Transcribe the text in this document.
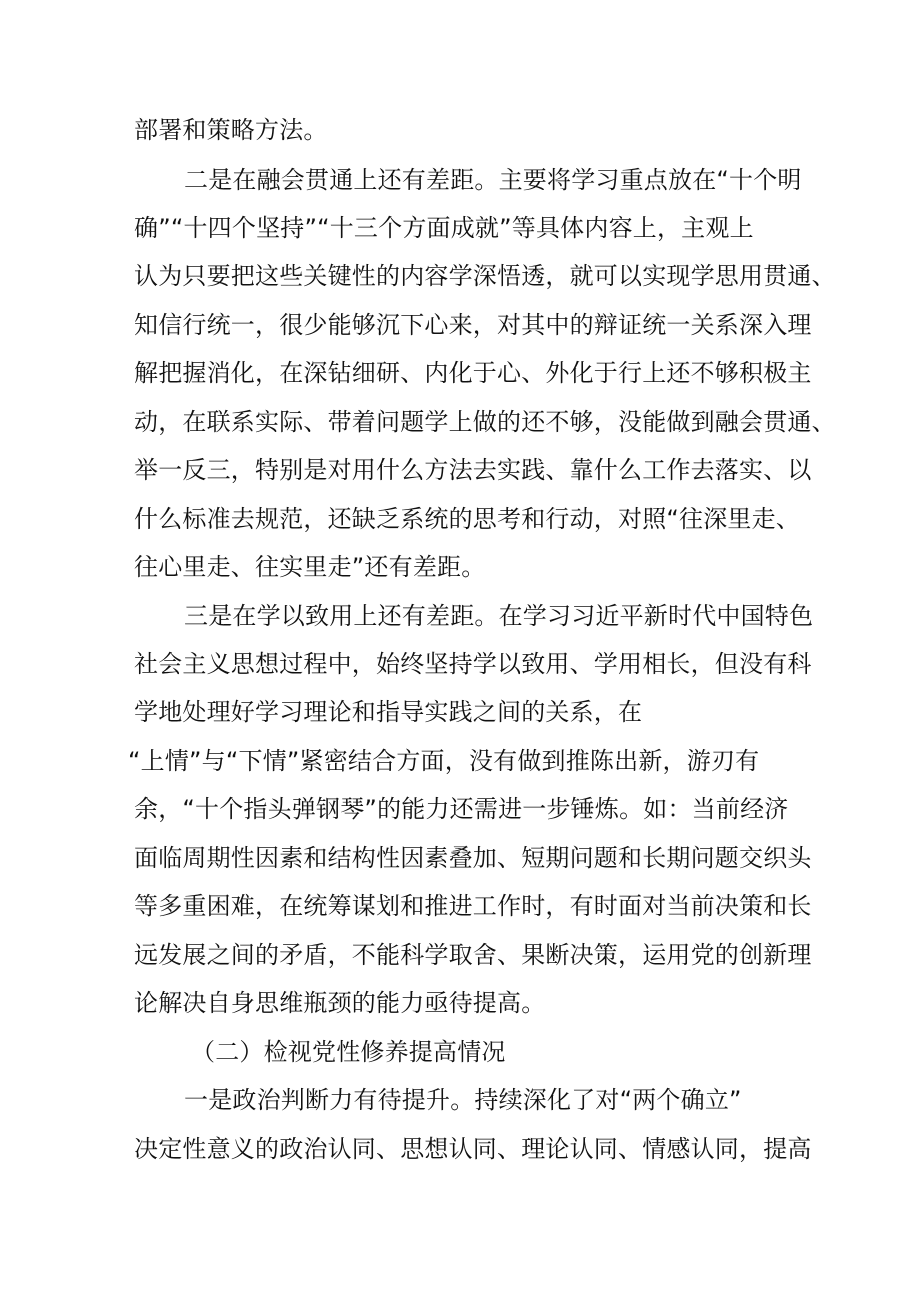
部署和策略方法。
二是在融会贯通上还有差距。主要将学习重点放在“十个明
确”“十四个坚持”“十三个方面成就”等具体内容上，主观上
认为只要把这些关键性的内容学深悟透，就可以实现学思用贯通、
知信行统一，很少能够沉下心来，对其中的辩证统一关系深入理
解把握消化，在深钻细研、内化于心、外化于行上还不够积极主
动，在联系实际、带着问题学上做的还不够，没能做到融会贯通、
举一反三，特别是对用什么方法去实践、靠什么工作去落实、以
什么标准去规范，还缺乏系统的思考和行动，对照“往深里走、
往心里走、往实里走”还有差距。
三是在学以致用上还有差距。在学习习近平新时代中国特色
社会主义思想过程中，始终坚持学以致用、学用相长，但没有科
学地处理好学习理论和指导实践之间的关系，在
“上情”与“下情”紧密结合方面，没有做到推陈出新，游刃有
余，“十个指头弹钢琴”的能力还需进一步锤炼。如：当前经济
面临周期性因素和结构性因素叠加、短期问题和长期问题交织头
等多重困难，在统筹谋划和推进工作时，有时面对当前决策和长
远发展之间的矛盾，不能科学取舍、果断决策，运用党的创新理
论解决自身思维瓶颈的能力亟待提高。
（二）检视党性修养提高情况
一是政治判断力有待提升。持续深化了对“两个确立”
决定性意义的政治认同、思想认同、理论认同、情感认同，提高
